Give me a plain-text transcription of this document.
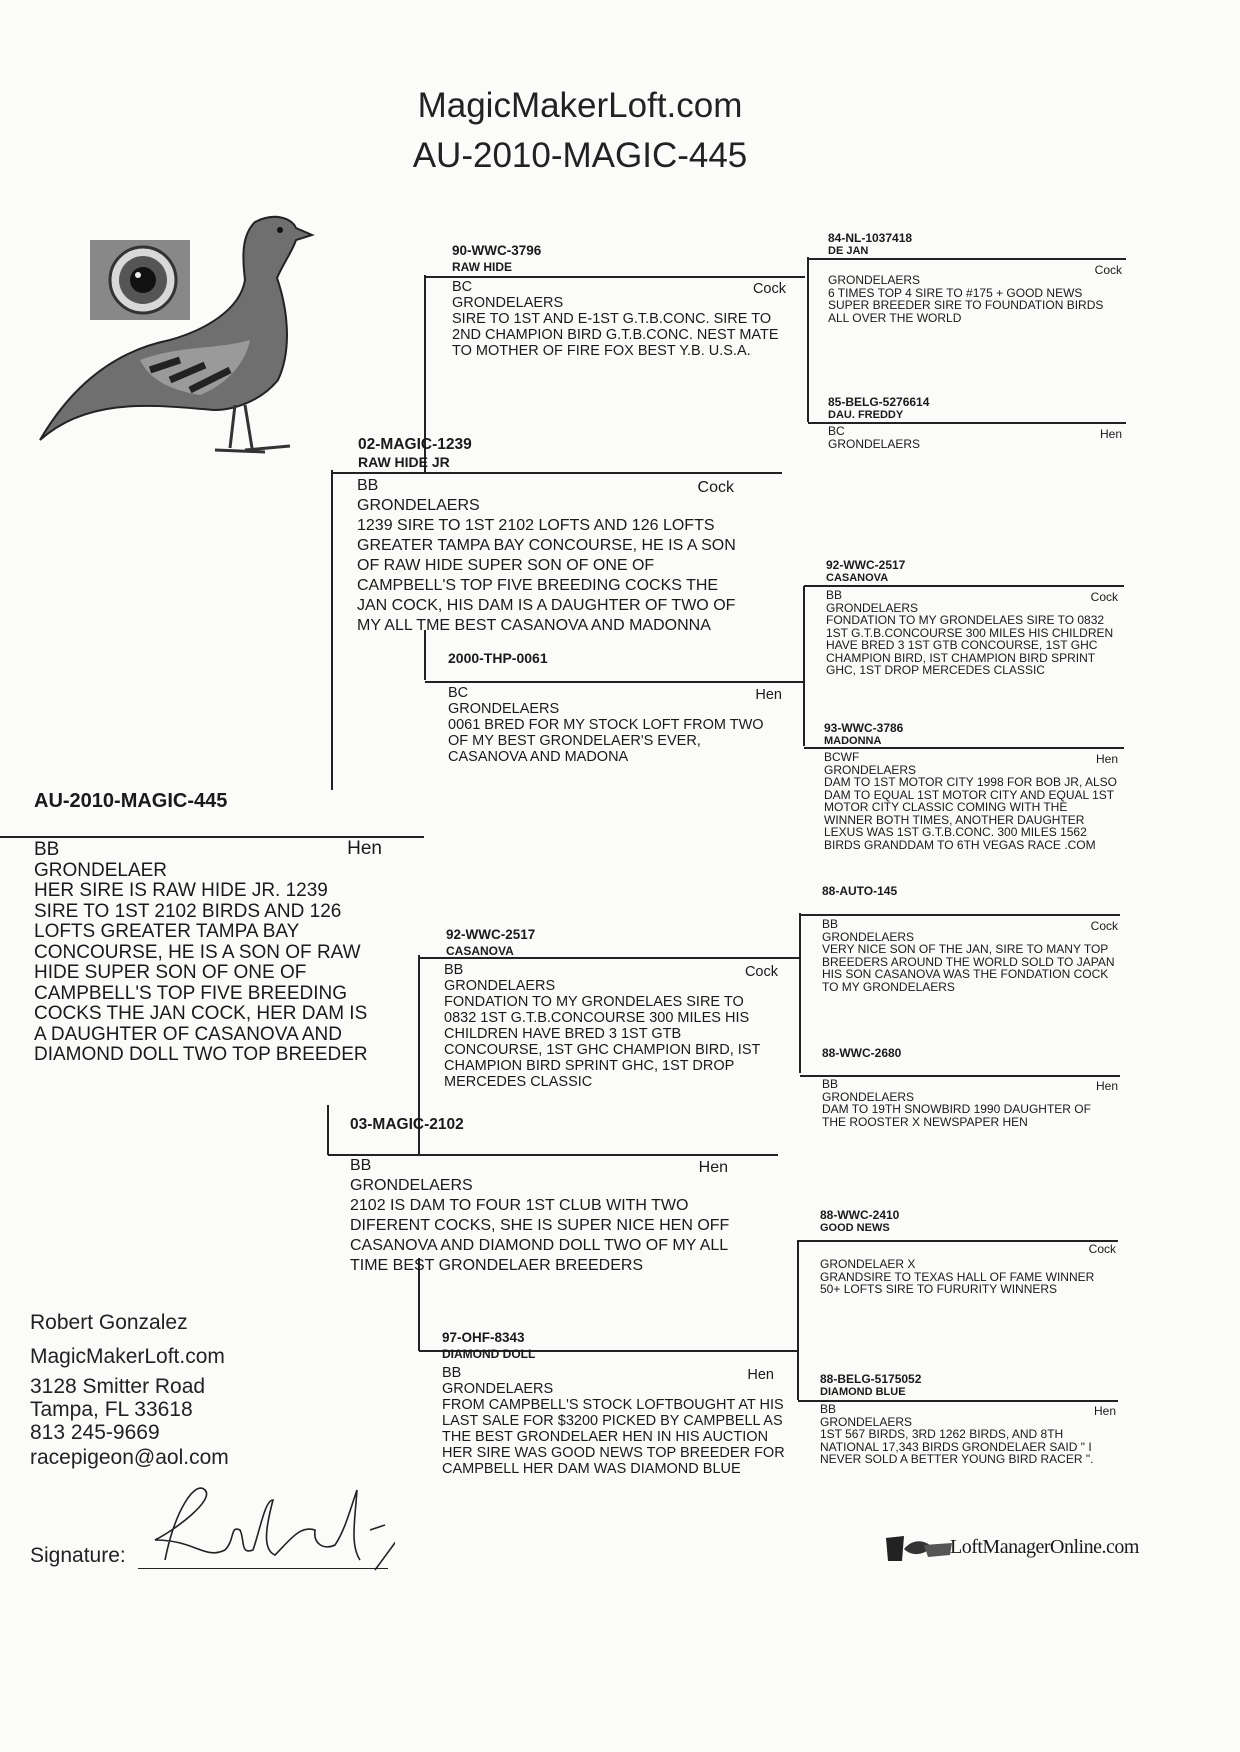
MagicMakerLoft.com
AU-2010-MAGIC-445
AU-2010-MAGIC-445
BB
GRONDELAER
HER SIRE IS RAW HIDE JR. 1239 SIRE TO 1ST 2102 BIRDS AND 126 LOFTS GREATER TAMPA BAY CONCOURSE, HE IS A SON OF RAW HIDE SUPER SON OF ONE OF CAMPBELL'S TOP FIVE BREEDING COCKS THE JAN COCK, HER DAM IS A DAUGHTER OF CASANOVA AND DIAMOND DOLL TWO TOP BREEDER
Hen
02-MAGIC-1239
RAW HIDE JR
BB
GRONDELAERS
1239 SIRE TO 1ST 2102 LOFTS AND 126 LOFTS GREATER TAMPA BAY CONCOURSE, HE IS A SON OF RAW HIDE SUPER SON OF ONE OF CAMPBELL'S TOP FIVE BREEDING COCKS THE JAN COCK, HIS DAM IS A DAUGHTER OF TWO OF MY ALL TME BEST CASANOVA AND MADONNA
Cock
03-MAGIC-2102
BB
GRONDELAERS
2102 IS DAM TO FOUR 1ST CLUB WITH TWO DIFERENT COCKS, SHE IS SUPER NICE HEN OFF CASANOVA AND DIAMOND DOLL TWO OF MY ALL TIME BEST GRONDELAER BREEDERS
Hen
90-WWC-3796
RAW HIDE
BC
GRONDELAERS
SIRE TO 1ST AND E-1ST G.T.B.CONC. SIRE TO 2ND CHAMPION BIRD G.T.B.CONC. NEST MATE TO MOTHER OF FIRE FOX BEST Y.B. U.S.A.
Cock
2000-THP-0061
BC
GRONDELAERS
0061 BRED FOR MY STOCK LOFT FROM TWO OF MY BEST GRONDELAER'S EVER, CASANOVA AND MADONA
Hen
92-WWC-2517
CASANOVA
BB
GRONDELAERS
FONDATION TO MY GRONDELAES SIRE TO 0832 1ST G.T.B.CONCOURSE 300 MILES HIS CHILDREN HAVE BRED 3 1ST GTB CONCOURSE, 1ST GHC CHAMPION BIRD, IST CHAMPION BIRD SPRINT GHC, 1ST DROP MERCEDES CLASSIC
Cock
97-OHF-8343
DIAMOND DOLL
BB
GRONDELAERS
FROM CAMPBELL'S STOCK LOFTBOUGHT AT HIS LAST SALE FOR $3200 PICKED BY CAMPBELL AS THE BEST GRONDELAER HEN IN HIS AUCTION HER SIRE WAS GOOD NEWS TOP BREEDER FOR CAMPBELL HER DAM WAS DIAMOND BLUE
Hen
84-NL-1037418
DE JAN
GRONDELAERS
6 TIMES TOP 4 SIRE TO #175 + GOOD NEWS SUPER BREEDER SIRE TO FOUNDATION BIRDS ALL OVER THE WORLD
Cock
85-BELG-5276614
DAU. FREDDY
BC
GRONDELAERS
Hen
92-WWC-2517
CASANOVA
BB
GRONDELAERS
FONDATION TO MY GRONDELAES SIRE TO 0832 1ST G.T.B.CONCOURSE 300 MILES HIS CHILDREN HAVE BRED 3 1ST GTB CONCOURSE, 1ST GHC CHAMPION BIRD, IST CHAMPION BIRD SPRINT GHC, 1ST DROP MERCEDES CLASSIC
Cock
93-WWC-3786
MADONNA
BCWF
GRONDELAERS
DAM TO 1ST MOTOR CITY 1998 FOR BOB JR, ALSO DAM TO EQUAL 1ST MOTOR CITY AND EQUAL 1ST MOTOR CITY CLASSIC COMING WITH THE WINNER BOTH TIMES, ANOTHER DAUGHTER LEXUS WAS 1ST G.T.B.CONC. 300 MILES 1562 BIRDS GRANDDAM TO 6TH VEGAS RACE .COM
Hen
88-AUTO-145
BB
GRONDELAERS
VERY NICE SON OF THE JAN, SIRE TO MANY TOP BREEDERS AROUND THE WORLD SOLD TO JAPAN HIS SON CASANOVA WAS THE FONDATION COCK TO MY GRONDELAERS
Cock
88-WWC-2680
BB
GRONDELAERS
DAM TO 19TH SNOWBIRD 1990 DAUGHTER OF THE ROOSTER X NEWSPAPER HEN
Hen
88-WWC-2410
GOOD NEWS
GRONDELAER X
GRANDSIRE TO TEXAS HALL OF FAME WINNER 50+ LOFTS SIRE TO FURURITY WINNERS
Cock
88-BELG-5175052
DIAMOND BLUE
BB
GRONDELAERS
1ST 567 BIRDS, 3RD 1262 BIRDS, AND 8TH NATIONAL 17,343 BIRDS GRONDELAER SAID " I NEVER SOLD A BETTER YOUNG BIRD RACER ".
Hen
Robert Gonzalez
MagicMakerLoft.com
3128 Smitter Road
Tampa, FL 33618
813 245-9669
racepigeon@aol.com
Signature:	LoftManagerOnline.com
